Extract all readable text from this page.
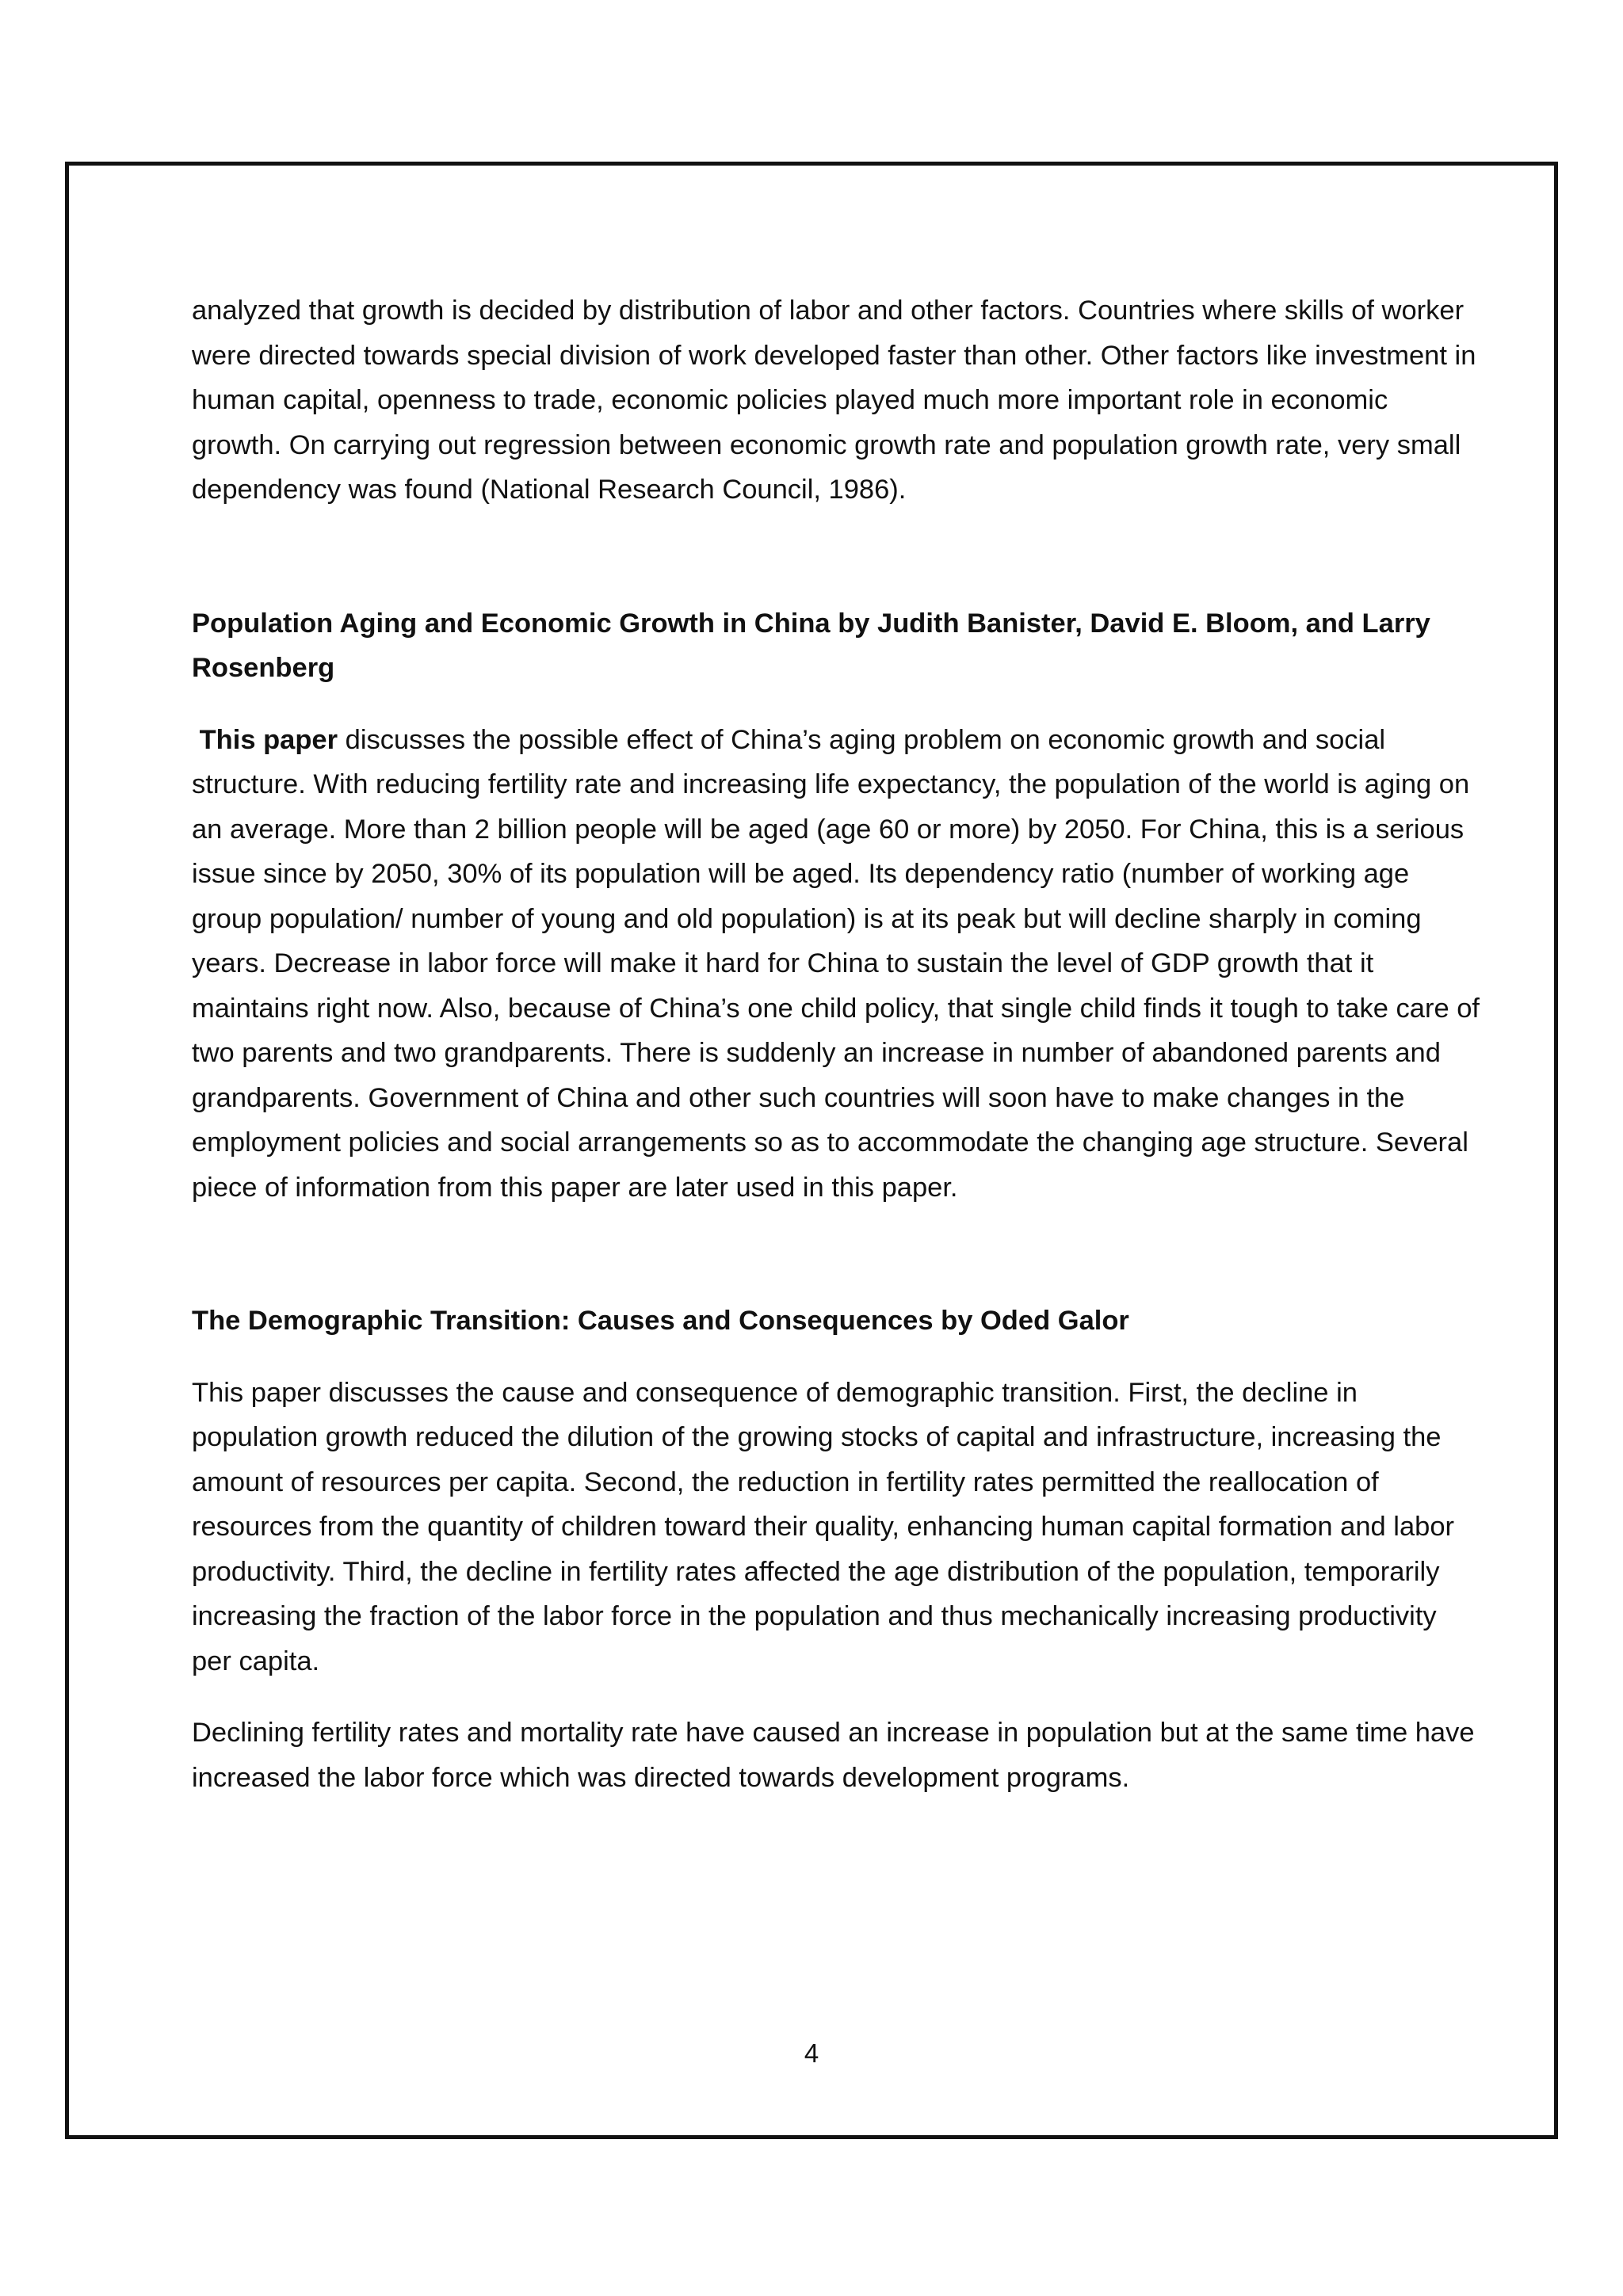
analyzed that growth is decided by distribution of labor and other factors. Countries where skills of worker were directed towards special division of work developed faster than other. Other factors like investment in human capital, openness to trade, economic policies played much more important role in economic growth. On carrying out regression between economic growth rate and population growth rate, very small dependency was found (National Research Council, 1986).

Population Aging and Economic Growth in China by Judith Banister, David E. Bloom, and Larry Rosenberg

This paper discusses the possible effect of China’s aging problem on economic growth and social structure. With reducing fertility rate and increasing life expectancy, the population of the world is aging on an average. More than 2 billion people will be aged (age 60 or more) by 2050. For China, this is a serious issue since by 2050, 30% of its population will be aged. Its dependency ratio (number of working age group population/ number of young and old population) is at its peak but will decline sharply in coming years. Decrease in labor force will make it hard for China to sustain the level of GDP growth that it maintains right now. Also, because of China’s one child policy, that single child finds it tough to take care of two parents and two grandparents. There is suddenly an increase in number of abandoned parents and grandparents. Government of China and other such countries will soon have to make changes in the employment policies and social arrangements so as to accommodate the changing age structure. Several piece of information from this paper are later used in this paper.

The Demographic Transition: Causes and Consequences by Oded Galor

This paper discusses the cause and consequence of demographic transition. First, the decline in population growth reduced the dilution of the growing stocks of capital and infrastructure, increasing the amount of resources per capita. Second, the reduction in fertility rates permitted the reallocation of resources from the quantity of children toward their quality, enhancing human capital formation and labor productivity. Third, the decline in fertility rates affected the age distribution of the population, temporarily increasing the fraction of the labor force in the population and thus mechanically increasing productivity per capita.

Declining fertility rates and mortality rate have caused an increase in population but at the same time have increased the labor force which was directed towards development programs.

4
